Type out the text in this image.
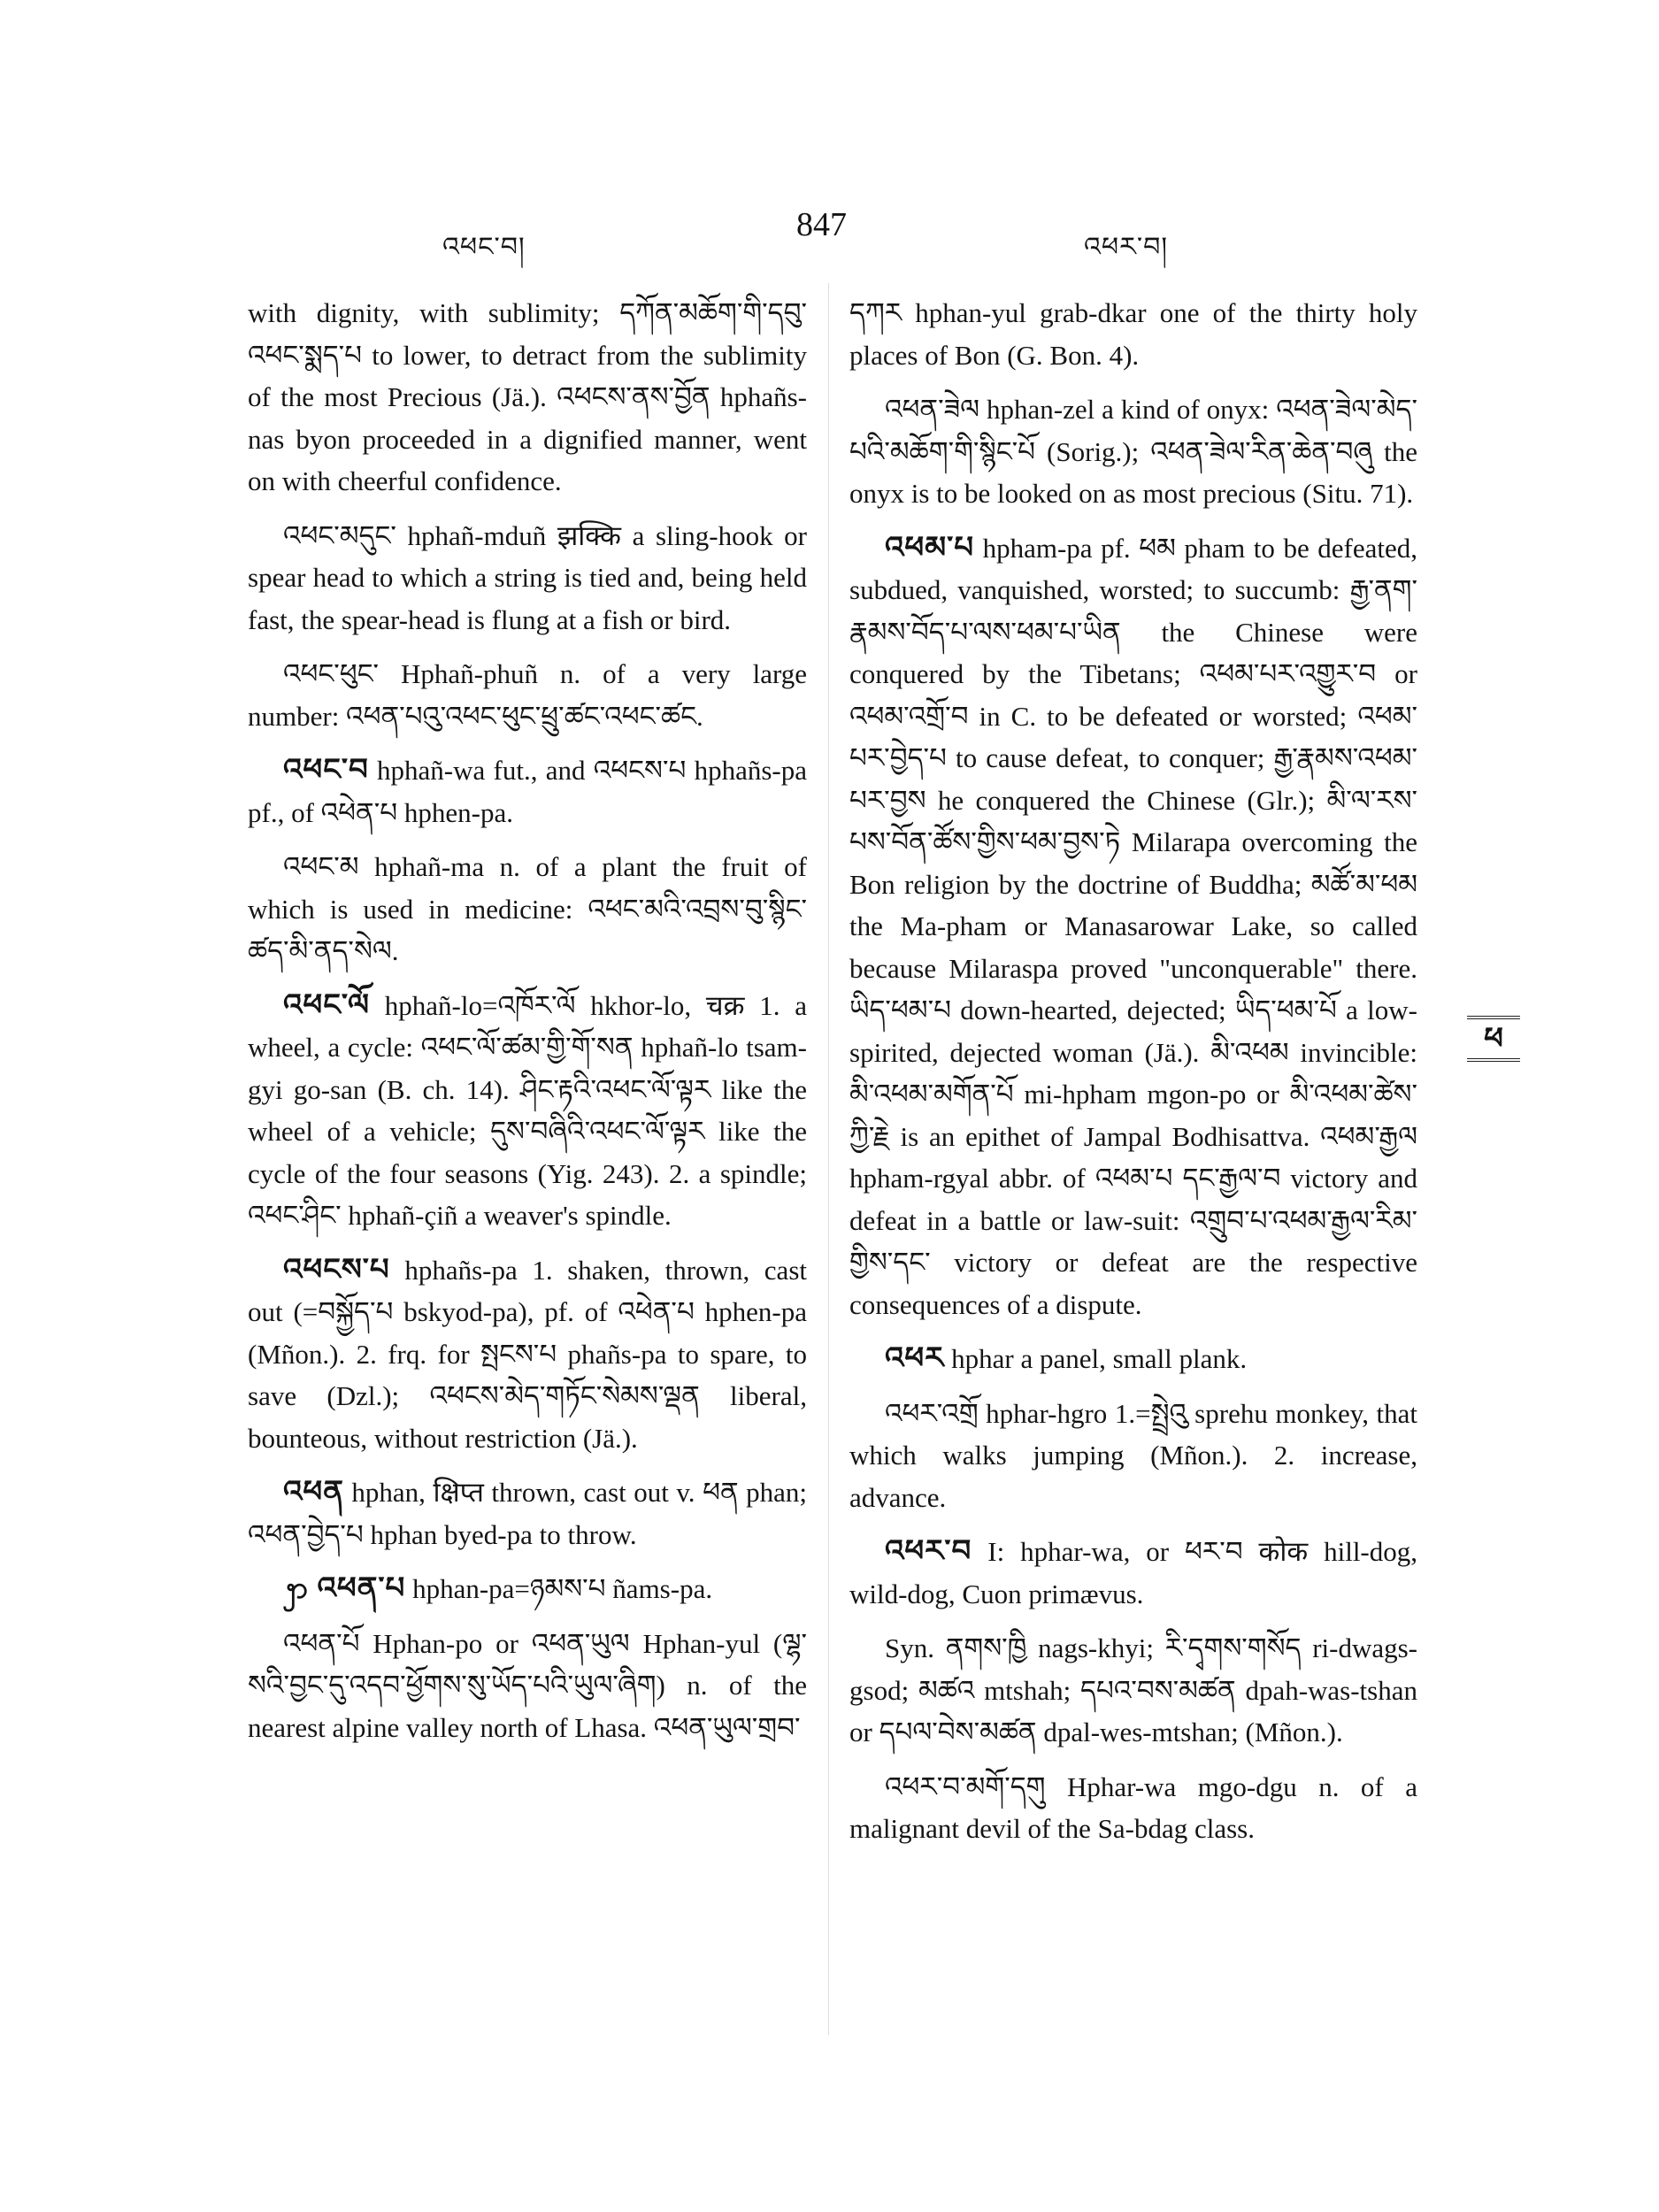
འཕང་བ།
847
འཕར་བ།

with dignity, with sublimity; དཀོན་མཆོག་གི་དབུ་འཕང་སྨད་པ to lower, to detract from the sublimity of the most Precious (Jä.). འཕངས་ནས་བྱོན hphañs-nas byon proceeded in a dignified manner, went on with cheerful confidence.

འཕང་མདུང་ hphañ-mduñ झक्कि a sling-hook or spear head to which a string is tied and, being held fast, the spear-head is flung at a fish or bird.

འཕང་ཕུང་ Hphañ-phuñ n. of a very large number: འཕན་པའུ་འཕང་ཕུང་ཕྲུ་ཚང་འཕང་ཚང.

འཕང་བ hphañ-wa fut., and འཕངས་པ hphañs-pa pf., of འཕེན་པ hphen-pa.

འཕང་མ hphañ-ma n. of a plant the fruit of which is used in medicine: འཕང་མའི་འབྲས་བུ་སྙིང་ཚད་མི་ནད་སེལ.

འཕང་ལོ hphañ-lo=འཁོར་ལོ hkhor-lo, चक्र 1. a wheel, a cycle: འཕང་ལོ་ཚམ་གྱི་གོ་སན hphañ-lo tsam-gyi go-san (B. ch. 14). ཤིང་རྟའི་འཕང་ལོ་ལྟར like the wheel of a vehicle; དུས་བཞིའི་འཕང་ལོ་ལྟར like the cycle of the four seasons (Yig. 243). 2. a spindle; འཕང་ཤིང་ hphañ-çiñ a weaver's spindle.

འཕངས་པ hphañs-pa 1. shaken, thrown, cast out (=བསྐྱོད་པ bskyod-pa), pf. of འཕེན་པ hphen-pa (Mñon.). 2. frq. for སྤངས་པ phañs-pa to spare, to save (Dzl.); འཕངས་མེད་གཏོང་སེམས་ལྡན liberal, bounteous, without restriction (Jä.).

འཕན hphan, क्षिप्त thrown, cast out v. ཕན phan; འཕན་བྱེད་པ hphan byed-pa to throw.

ꩭ འཕན་པ hphan-pa=ཉམས་པ ñams-pa.

འཕན་པོ Hphan-po or འཕན་ཡུལ Hphan-yul (ལྷ་སའི་བྱང་དུ་འདབ་ཕྱོགས་སུ་ཡོད་པའི་ཡུལ་ཞིག) n. of the nearest alpine valley north of Lhasa. འཕན་ཡུལ་གྲབ་

དཀར hphan-yul grab-dkar one of the thirty holy places of Bon (G. Bon. 4).

འཕན་ཟེལ hphan-zel a kind of onyx: འཕན་ཟེལ་མེད་པའི་མཆོག་གི་སྙིང་པོ (Sorig.); འཕན་ཟེལ་རིན་ཆེན་བཞུ the onyx is to be looked on as most precious (Situ. 71).

འཕམ་པ hpham-pa pf. ཕམ pham to be defeated, subdued, vanquished, worsted; to succumb: རྒྱ་ནག་རྣམས་བོད་པ་ལས་ཕམ་པ་ཡིན the Chinese were conquered by the Tibetans; འཕམ་པར་འགྱུར་བ or འཕམ་འགྲོ་བ in C. to be defeated or worsted; འཕམ་པར་བྱེད་པ to cause defeat, to conquer; རྒྱ་རྣམས་འཕམ་པར་བྱས he conquered the Chinese (Glr.); མི་ལ་རས་པས་བོན་ཚོས་གྱིས་ཕམ་བྱས་ཏེ Milarapa overcoming the Bon religion by the doctrine of Buddha; མཚོ་མ་ཕམ the Ma-pham or Manasarowar Lake, so called because Milaraspa proved "unconquerable" there. ཡིད་ཕམ་པ down-hearted, dejected; ཡིད་ཕམ་པོ a low-spirited, dejected woman (Jä.). མི་འཕམ invincible: མི་འཕམ་མགོན་པོ mi-hpham mgon-po or མི་འཕམ་ཚེས་ཀྱི་རྗེ is an epithet of Jampal Bodhisattva. འཕམ་རྒྱལ hpham-rgyal abbr. of འཕམ་པ དང་རྒྱལ་བ victory and defeat in a battle or law-suit: འགྲུབ་པ་འཕམ་རྒྱལ་རིམ་གྱིས་དང་ victory or defeat are the respective consequences of a dispute.

འཕར hphar a panel, small plank.

འཕར་འགྲོ hphar-hgro 1.=སྤྲེའུ sprehu monkey, that which walks jumping (Mñon.). 2. increase, advance.

འཕར་བ I: hphar-wa, or ཕར་བ कोक hill-dog, wild-dog, Cuon primævus.

Syn. ནགས་ཁྱི nags-khyi; རི་དྭགས་གསོད ri-dwags-gsod; མཚའ mtshah; དཔའ་བས་མཚན dpah-was-tshan or དཔལ་བེས་མཚན dpal-wes-mtshan; (Mñon.).

འཕར་བ་མགོ་དགུ Hphar-wa mgo-dgu n. of a malignant devil of the Sa-bdag class.

ཕ
